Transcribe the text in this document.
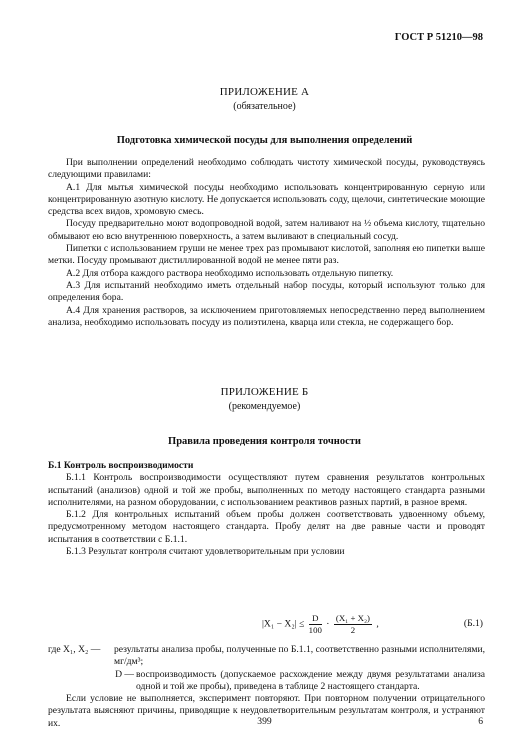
ГОСТ Р 51210—98
ПРИЛОЖЕНИЕ А
(обязательное)
Подготовка химической посуды для выполнения определений

При выполнении определений необходимо соблюдать чистоту химической посуды, руководствуясь следующими правилами:

А.1 Для мытья химической посуды необходимо использовать концентрированную серную или концентрированную азотную кислоту. Не допускается использовать соду, щелочи, синтетические моющие средства всех видов, хромовую смесь.

Посуду предварительно моют водопроводной водой, затем наливают на ½ объема кислоту, тщательно обмывают ею всю внутреннюю поверхность, а затем выливают в специальный сосуд.

Пипетки с использованием груши не менее трех раз промывают кислотой, заполняя ею пипетки выше метки. Посуду промывают дистиллированной водой не менее пяти раз.

А.2 Для отбора каждого раствора необходимо использовать отдельную пипетку.

А.3 Для испытаний необходимо иметь отдельный набор посуды, который используют только для определения бора.

А.4 Для хранения растворов, за исключением приготовляемых непосредственно перед выполнением анализа, необходимо использовать посуду из полиэтилена, кварца или стекла, не содержащего бор.

ПРИЛОЖЕНИЕ Б
(рекомендуемое)
Правила проведения контроля точности

Б.1 Контроль воспроизводимости

Б.1.1 Контроль воспроизводимости осуществляют путем сравнения результатов контрольных испытаний (анализов) одной и той же пробы, выполненных по методу настоящего стандарта разными исполнителями, на разном оборудовании, с использованием реактивов разных партий, в разное время.

Б.1.2 Для контрольных испытаний объем пробы должен соответствовать удвоенному объему, предусмотренному методом настоящего стандарта. Пробу делят на две равные части и проводят испытания в соответствии с Б.1.1.

Б.1.3 Результат контроля считают удовлетворительным при условии

$|X_1 - X_2| \le \frac{D}{100} \cdot \frac{\text{(X₁ + X₂)}}{2}$ ,	(Б.1)
где X₁, X₂ —	результаты анализа пробы, полученные по Б.1.1, соответственно разными исполнителями, мг/дм³;
D — воспроизводимость (допускаемое расхождение между двумя результатами анализа одной и той же пробы), приведена в таблице 2 настоящего стандарта.

Если условие не выполняется, эксперимент повторяют. При повторном получении отрицательного результата выясняют причины, приводящие к неудовлетворительным результатам контроля, и устраняют их.	399	6
